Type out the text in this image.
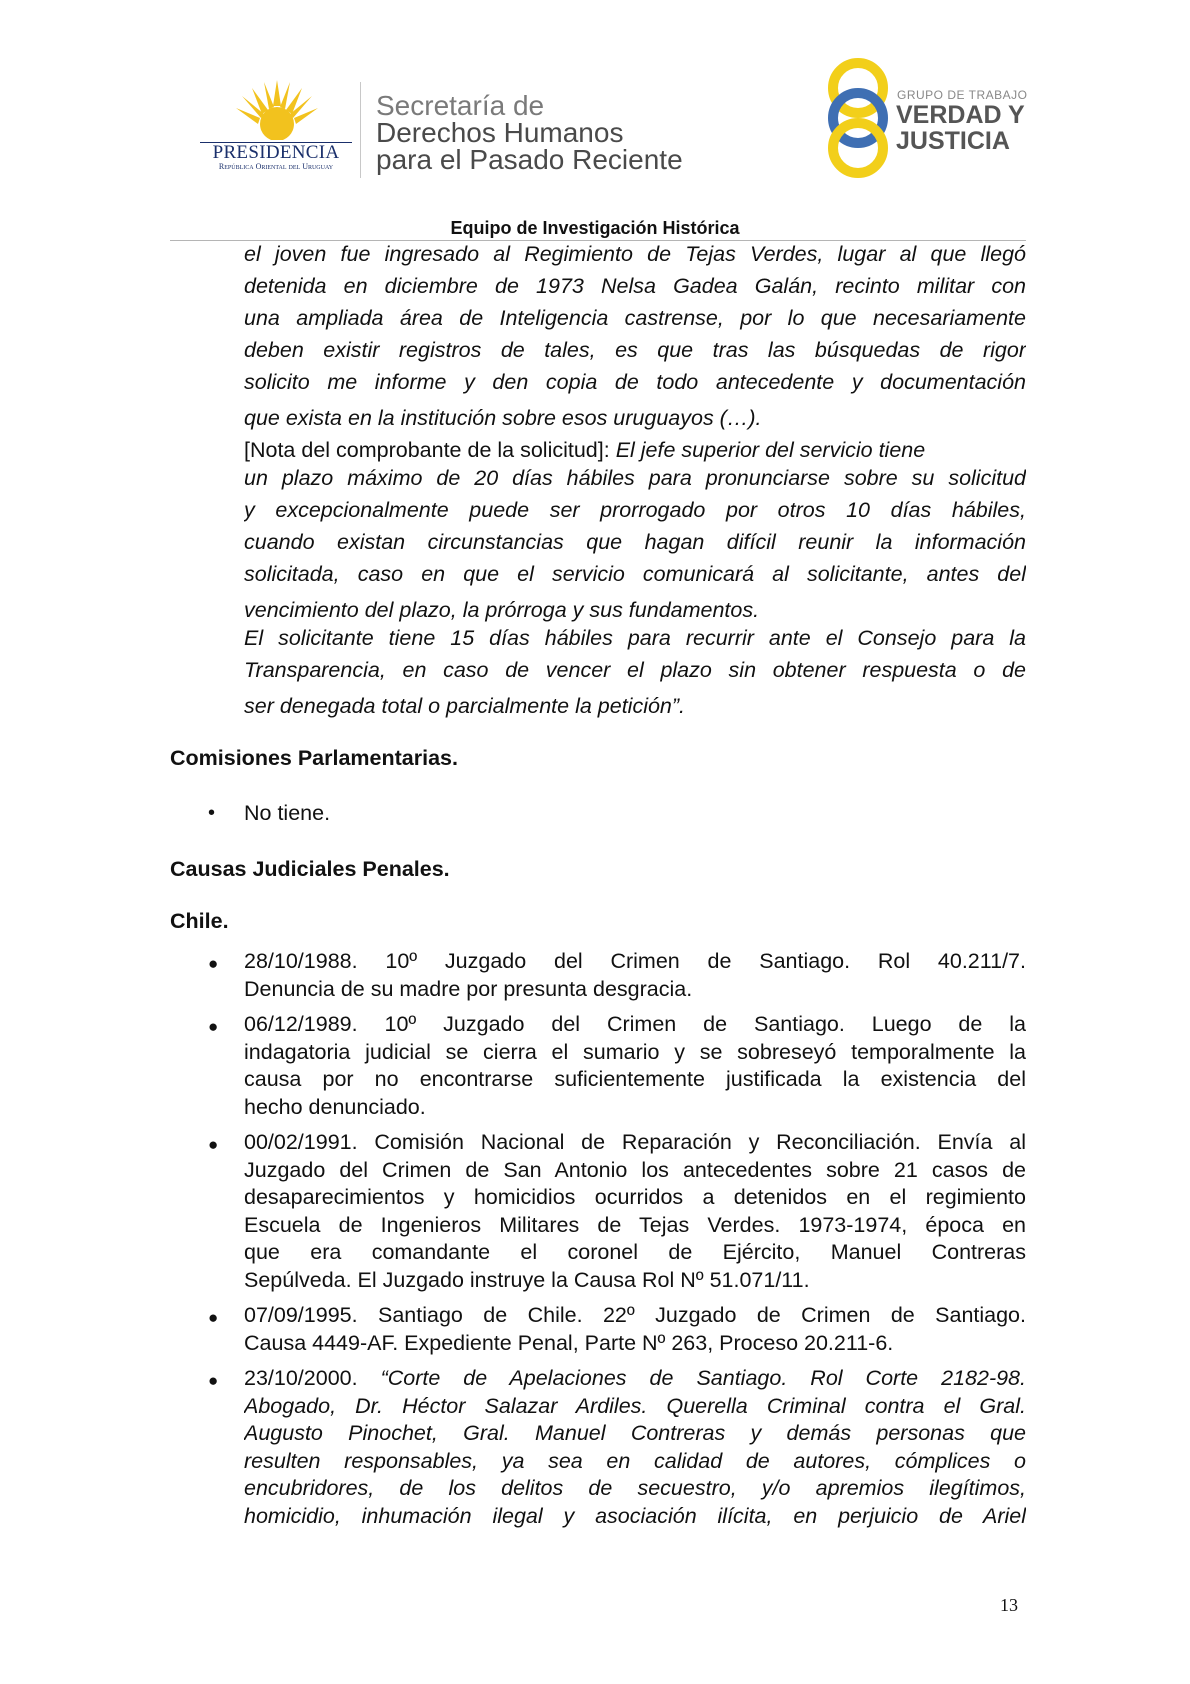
PRESIDENCIA
República Oriental del Uruguay
Secretaría de
Derechos Humanos
para el Pasado Reciente
GRUPO DE TRABAJO
VERDAD Y
JUSTICIA
Equipo de Investigación Histórica
el joven fue ingresado al Regimiento de Tejas Verdes, lugar al que llegó
detenida en diciembre de 1973 Nelsa Gadea Galán, recinto militar con
una ampliada área de Inteligencia castrense, por lo que necesariamente
deben existir registros de tales, es que tras las búsquedas de rigor
solicito me informe y den copia de todo antecedente y documentación
que exista en la institución sobre esos uruguayos (…).
[Nota del comprobante de la solicitud]: El jefe superior del servicio tiene
un plazo máximo de 20 días hábiles para pronunciarse sobre su solicitud
y excepcionalmente puede ser prorrogado por otros 10 días hábiles,
cuando existan circunstancias que hagan difícil reunir la información
solicitada, caso en que el servicio comunicará al solicitante, antes del
vencimiento del plazo, la prórroga y sus fundamentos.
El solicitante tiene 15 días hábiles para recurrir ante el Consejo para la
Transparencia, en caso de vencer el plazo sin obtener respuesta o de
ser denegada total o parcialmente la petición”.
Comisiones Parlamentarias.
• No tiene.
Causas Judiciales Penales.
Chile.
● 28/10/1988. 10º Juzgado del Crimen de Santiago. Rol 40.211/7.
Denuncia de su madre por presunta desgracia.
● 06/12/1989. 10º Juzgado del Crimen de Santiago. Luego de la
indagatoria judicial se cierra el sumario y se sobreseyó temporalmente la
causa por no encontrarse suficientemente justificada la existencia del
hecho denunciado.
● 00/02/1991. Comisión Nacional de Reparación y Reconciliación. Envía al
Juzgado del Crimen de San Antonio los antecedentes sobre 21 casos de
desaparecimientos y homicidios ocurridos a detenidos en el regimiento
Escuela de Ingenieros Militares de Tejas Verdes. 1973-1974, época en
que era comandante el coronel de Ejército, Manuel Contreras
Sepúlveda. El Juzgado instruye la Causa Rol Nº 51.071/11.
● 07/09/1995. Santiago de Chile. 22º Juzgado de Crimen de Santiago.
Causa 4449-AF. Expediente Penal, Parte Nº 263, Proceso 20.211-6.
● 23/10/2000. “Corte de Apelaciones de Santiago. Rol Corte 2182-98.
Abogado, Dr. Héctor Salazar Ardiles. Querella Criminal contra el Gral.
Augusto Pinochet, Gral. Manuel Contreras y demás personas que
resulten responsables, ya sea en calidad de autores, cómplices o
encubridores, de los delitos de secuestro, y/o apremios ilegítimos,
homicidio, inhumación ilegal y asociación ilícita, en perjuicio de Ariel
13
